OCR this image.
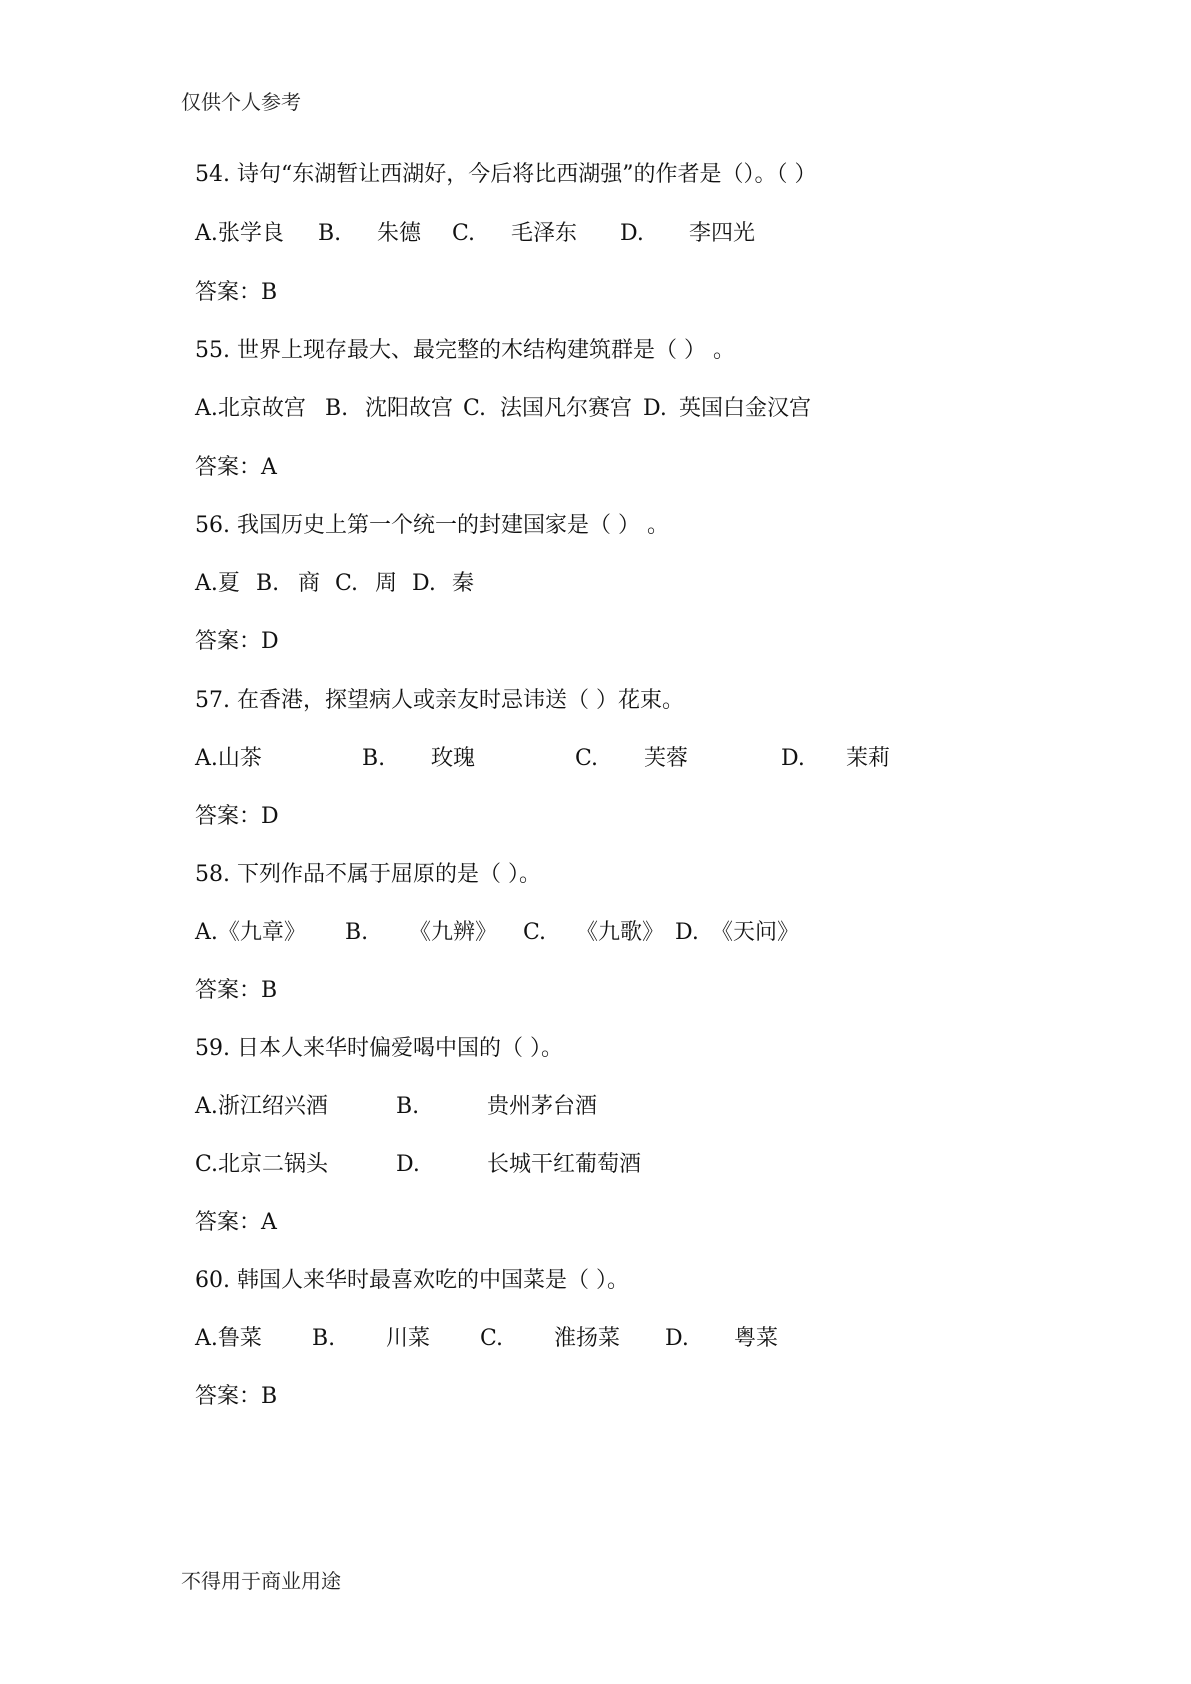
仅供个人参考
54. 诗句“东湖暂让西湖好，今后将比西湖强”的作者是（）。（ ）
A.张学良 B. 朱德 C. 毛泽东 D. 李四光
答案：B
55. 世界上现存最大、最完整的木结构建筑群是（ ） 。
A.北京故宫 B. 沈阳故宫 C. 法国凡尔赛宫 D. 英国白金汉宫
答案：A
56. 我国历史上第一个统一的封建国家是（ ） 。
A.夏 B. 商 C. 周 D. 秦
答案：D
57. 在香港，探望病人或亲友时忌讳送（ ）花束。
A.山茶	B. 玫瑰	C. 芙蓉	D. 茉莉
答案：D
58. 下列作品不属于屈原的是（ ）。
A.《九章》 B. 《九辨》 C. 《九歌》 D. 《天问》
答案：B
59. 日本人来华时偏爱喝中国的（ ）。
A.浙江绍兴酒	B.	贵州茅台酒
C.北京二锅头	D.	长城干红葡萄酒
答案：A
60. 韩国人来华时最喜欢吃的中国菜是（ ）。
A.鲁菜 B. 川菜 C. 淮扬菜 D. 粤菜
答案：B
不得用于商业用途
